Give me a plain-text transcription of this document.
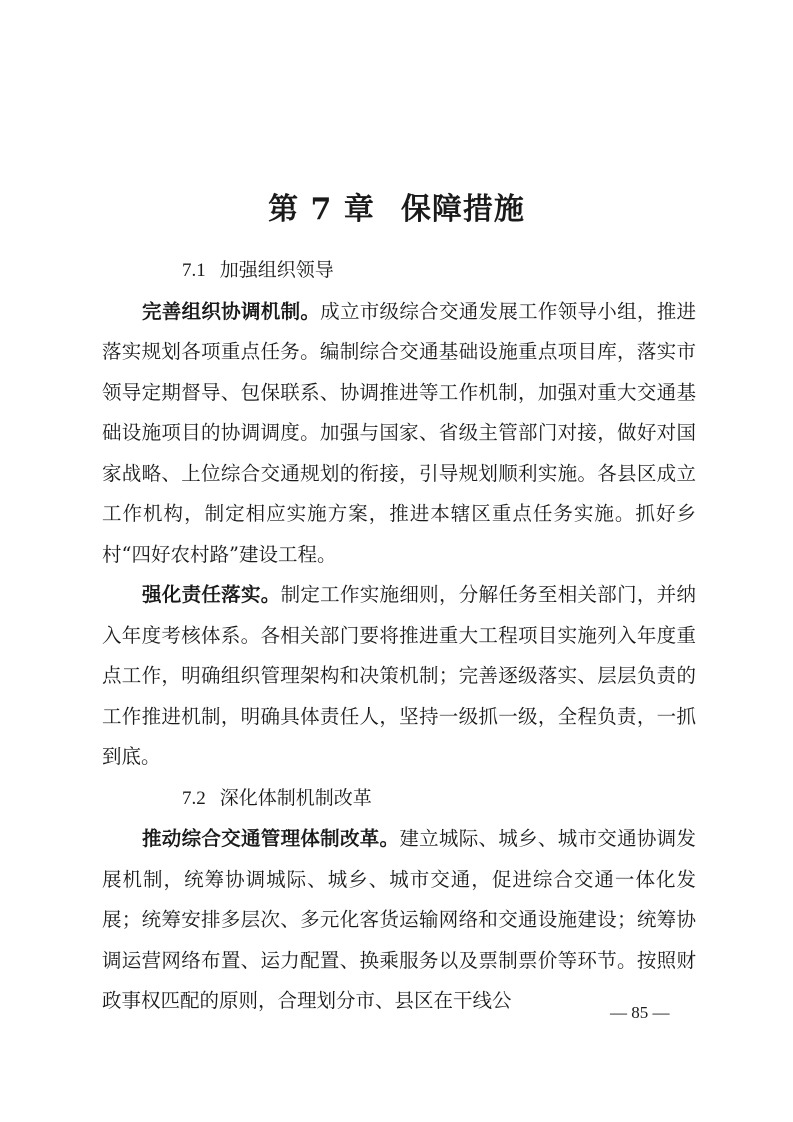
第 7 章 保障措施

7.1 加强组织领导

完善组织协调机制。成立市级综合交通发展工作领导小组，推进落实规划各项重点任务。编制综合交通基础设施重点项目库，落实市领导定期督导、包保联系、协调推进等工作机制，加强对重大交通基础设施项目的协调调度。加强与国家、省级主管部门对接，做好对国家战略、上位综合交通规划的衔接，引导规划顺利实施。各县区成立工作机构，制定相应实施方案，推进本辖区重点任务实施。抓好乡村“四好农村路”建设工程。

强化责任落实。制定工作实施细则，分解任务至相关部门，并纳入年度考核体系。各相关部门要将推进重大工程项目实施列入年度重点工作，明确组织管理架构和决策机制；完善逐级落实、层层负责的工作推进机制，明确具体责任人，坚持一级抓一级，全程负责，一抓到底。

7.2 深化体制机制改革

推动综合交通管理体制改革。建立城际、城乡、城市交通协调发展机制，统筹协调城际、城乡、城市交通，促进综合交通一体化发展；统筹安排多层次、多元化客货运输网络和交通设施建设；统筹协调运营网络布置、运力配置、换乘服务以及票制票价等环节。按照财政事权匹配的原则，合理划分市、县区在干线公

— 85 —
